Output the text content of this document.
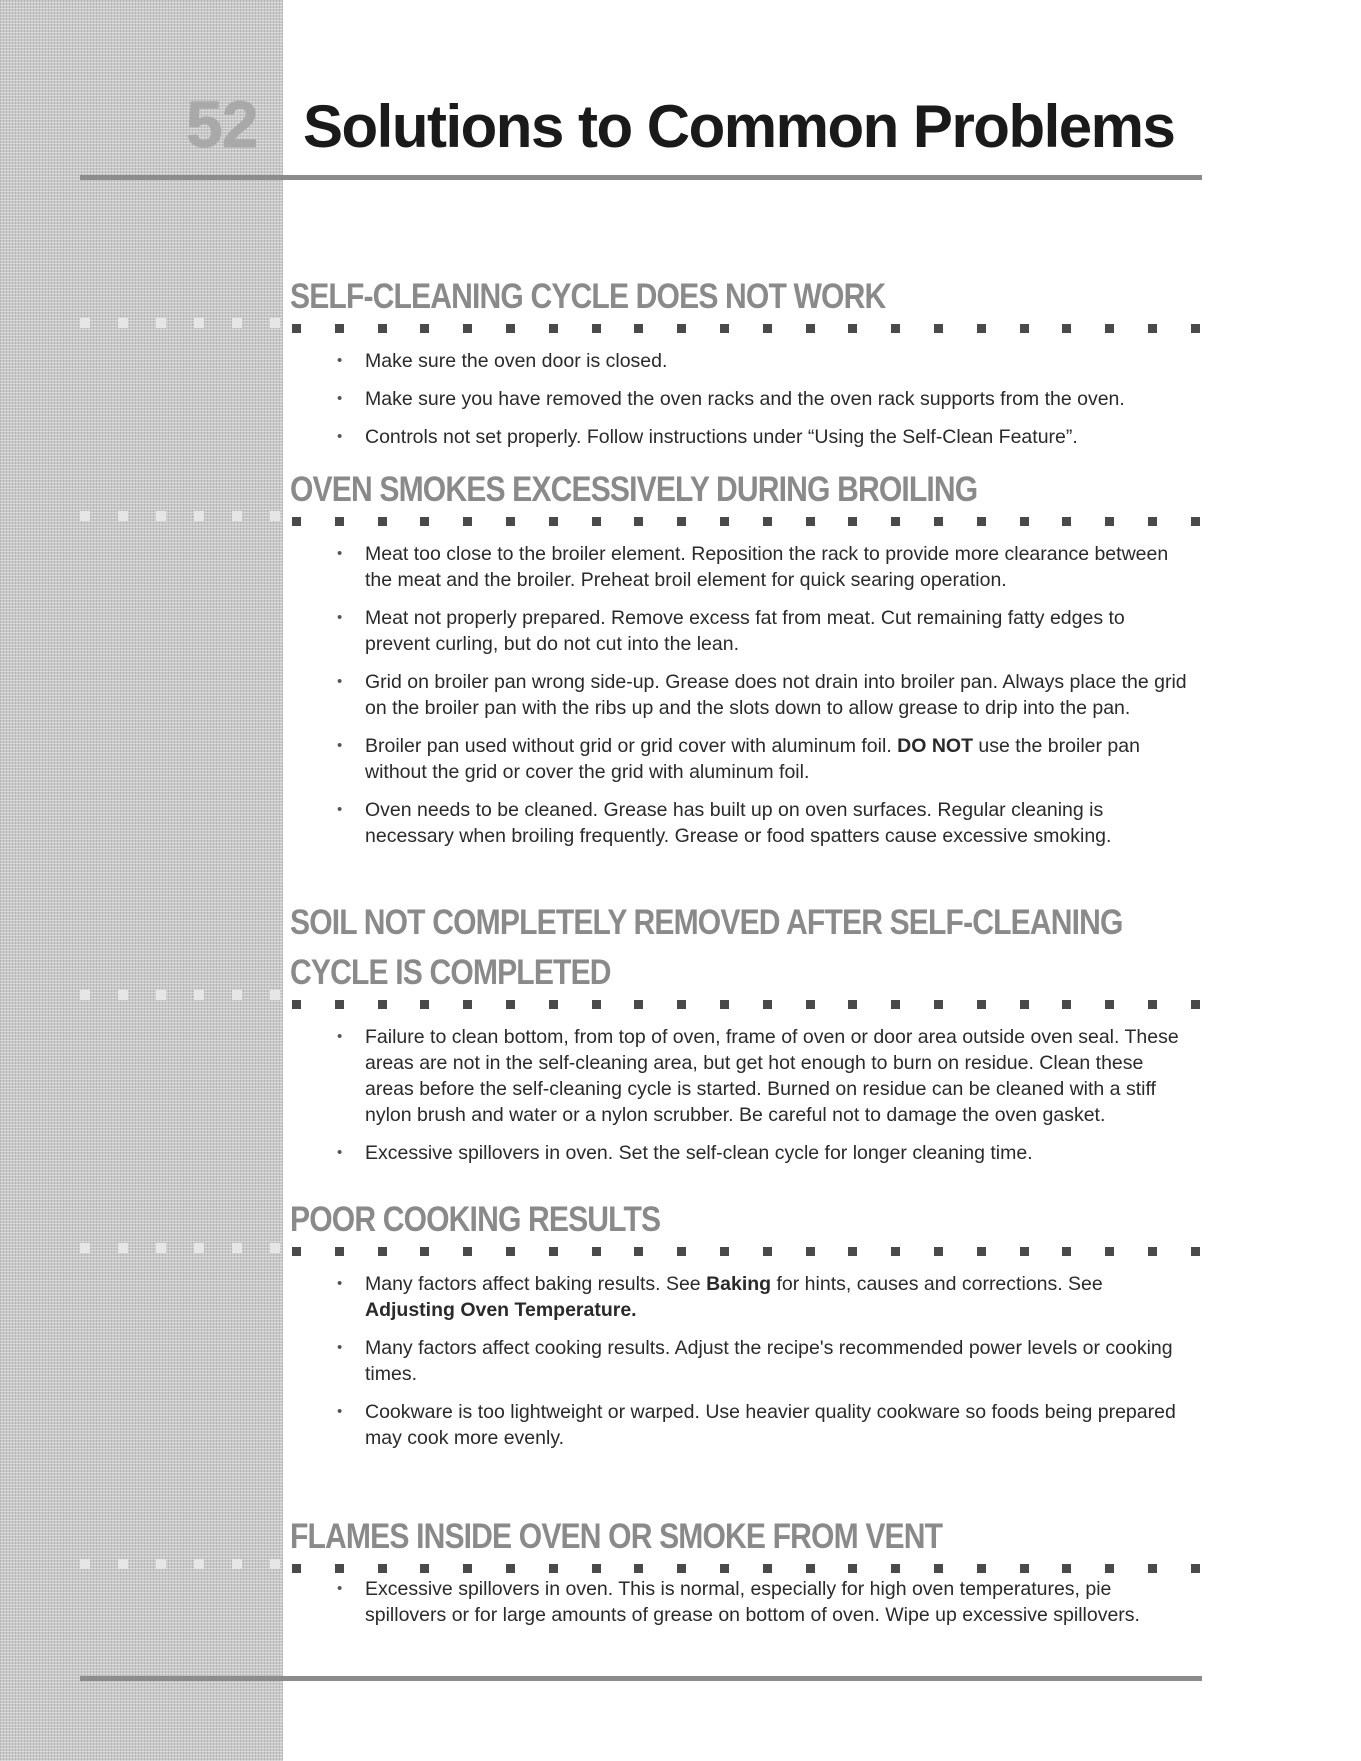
52 Solutions to Common Problems
SELF-CLEANING CYCLE DOES NOT WORK
• Make sure the oven door is closed.
• Make sure you have removed the oven racks and the oven rack supports from the oven.
• Controls not set properly. Follow instructions under “Using the Self-Clean Feature”.
OVEN SMOKES EXCESSIVELY DURING BROILING
• Meat too close to the broiler element. Reposition the rack to provide more clearance between the meat and the broiler. Preheat broil element for quick searing operation.
• Meat not properly prepared. Remove excess fat from meat. Cut remaining fatty edges to prevent curling, but do not cut into the lean.
• Grid on broiler pan wrong side-up. Grease does not drain into broiler pan. Always place the grid on the broiler pan with the ribs up and the slots down to allow grease to drip into the pan.
• Broiler pan used without grid or grid cover with aluminum foil. DO NOT use the broiler pan without the grid or cover the grid with aluminum foil.
• Oven needs to be cleaned. Grease has built up on oven surfaces. Regular cleaning is necessary when broiling frequently. Grease or food spatters cause excessive smoking.
SOIL NOT COMPLETELY REMOVED AFTER SELF-CLEANING
CYCLE IS COMPLETED
• Failure to clean bottom, from top of oven, frame of oven or door area outside oven seal. These areas are not in the self-cleaning area, but get hot enough to burn on residue. Clean these areas before the self-cleaning cycle is started. Burned on residue can be cleaned with a stiff nylon brush and water or a nylon scrubber. Be careful not to damage the oven gasket.
• Excessive spillovers in oven. Set the self-clean cycle for longer cleaning time.
POOR COOKING RESULTS
• Many factors affect baking results. See Baking for hints, causes and corrections. See Adjusting Oven Temperature.
• Many factors affect cooking results. Adjust the recipe's recommended power levels or cooking times.
• Cookware is too lightweight or warped. Use heavier quality cookware so foods being prepared may cook more evenly.
FLAMES INSIDE OVEN OR SMOKE FROM VENT
• Excessive spillovers in oven. This is normal, especially for high oven temperatures, pie spillovers or for large amounts of grease on bottom of oven. Wipe up excessive spillovers.
